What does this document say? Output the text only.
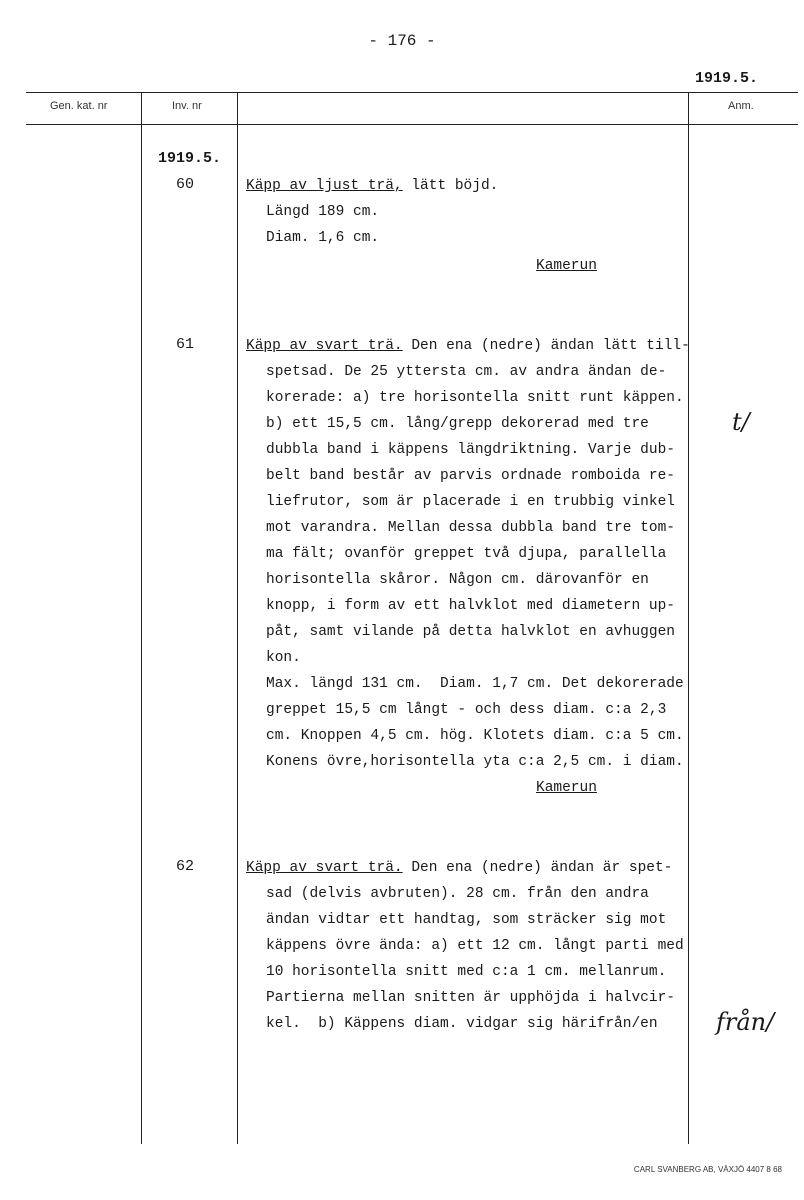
- 176 -
1919.5.
Gen. kat. nr	Inv. nr	Anm.
1919.5.
60	Käpp av ljust trä, lätt böjd.
Längd 189 cm.
Diam. 1,6 cm.
Kamerun
61	Käpp av svart trä. Den ena (nedre) ändan lätt till-
spetsad. De 25 yttersta cm. av andra ändan de-
korerade: a) tre horisontella snitt runt käppen.
b) ett 15,5 cm. lång/grepp dekorerad med tre
dubbla band i käppens längdriktning. Varje dub-
belt band består av parvis ordnade romboida re-
liefrutor, som är placerade i en trubbig vinkel
mot varandra. Mellan dessa dubbla band tre tom-
ma fält; ovanför greppet två djupa, parallella
horisontella skåror. Någon cm. därovanför en
knopp, i form av ett halvklot med diametern up-
påt, samt vilande på detta halvklot en avhuggen
kon.
Max. längd 131 cm.  Diam. 1,7 cm. Det dekorerade
greppet 15,5 cm långt - och dess diam. c:a 2,3
cm. Knoppen 4,5 cm. hög. Klotets diam. c:a 5 cm.
Konens övre,horisontella yta c:a 2,5 cm. i diam.
Kamerun
62	Käpp av svart trä. Den ena (nedre) ändan är spet-
sad (delvis avbruten). 28 cm. från den andra
ändan vidtar ett handtag, som sträcker sig mot
käppens övre ända: a) ett 12 cm. långt parti med
10 horisontella snitt med c:a 1 cm. mellanrum.
Partierna mellan snitten är upphöjda i halvcir-
kel.  b) Käppens diam. vidgar sig härifrån/en
t/
från/
CARL SVANBERG AB, VÄXJÖ 4407 8 68
